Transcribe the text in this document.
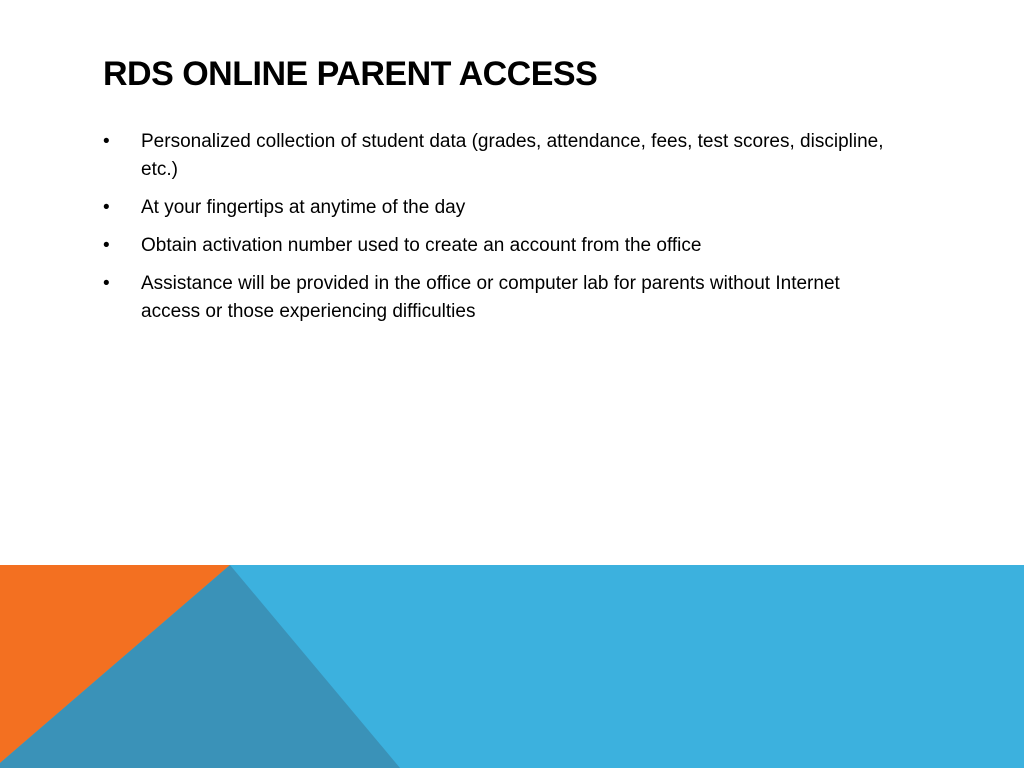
RDS ONLINE PARENT ACCESS
• Personalized collection of student data (grades, attendance, fees, test scores, discipline, etc.)
• At your fingertips at anytime of the day
• Obtain activation number used to create an account from the office
• Assistance will be provided in the office or computer lab for parents without Internet access or those experiencing difficulties
